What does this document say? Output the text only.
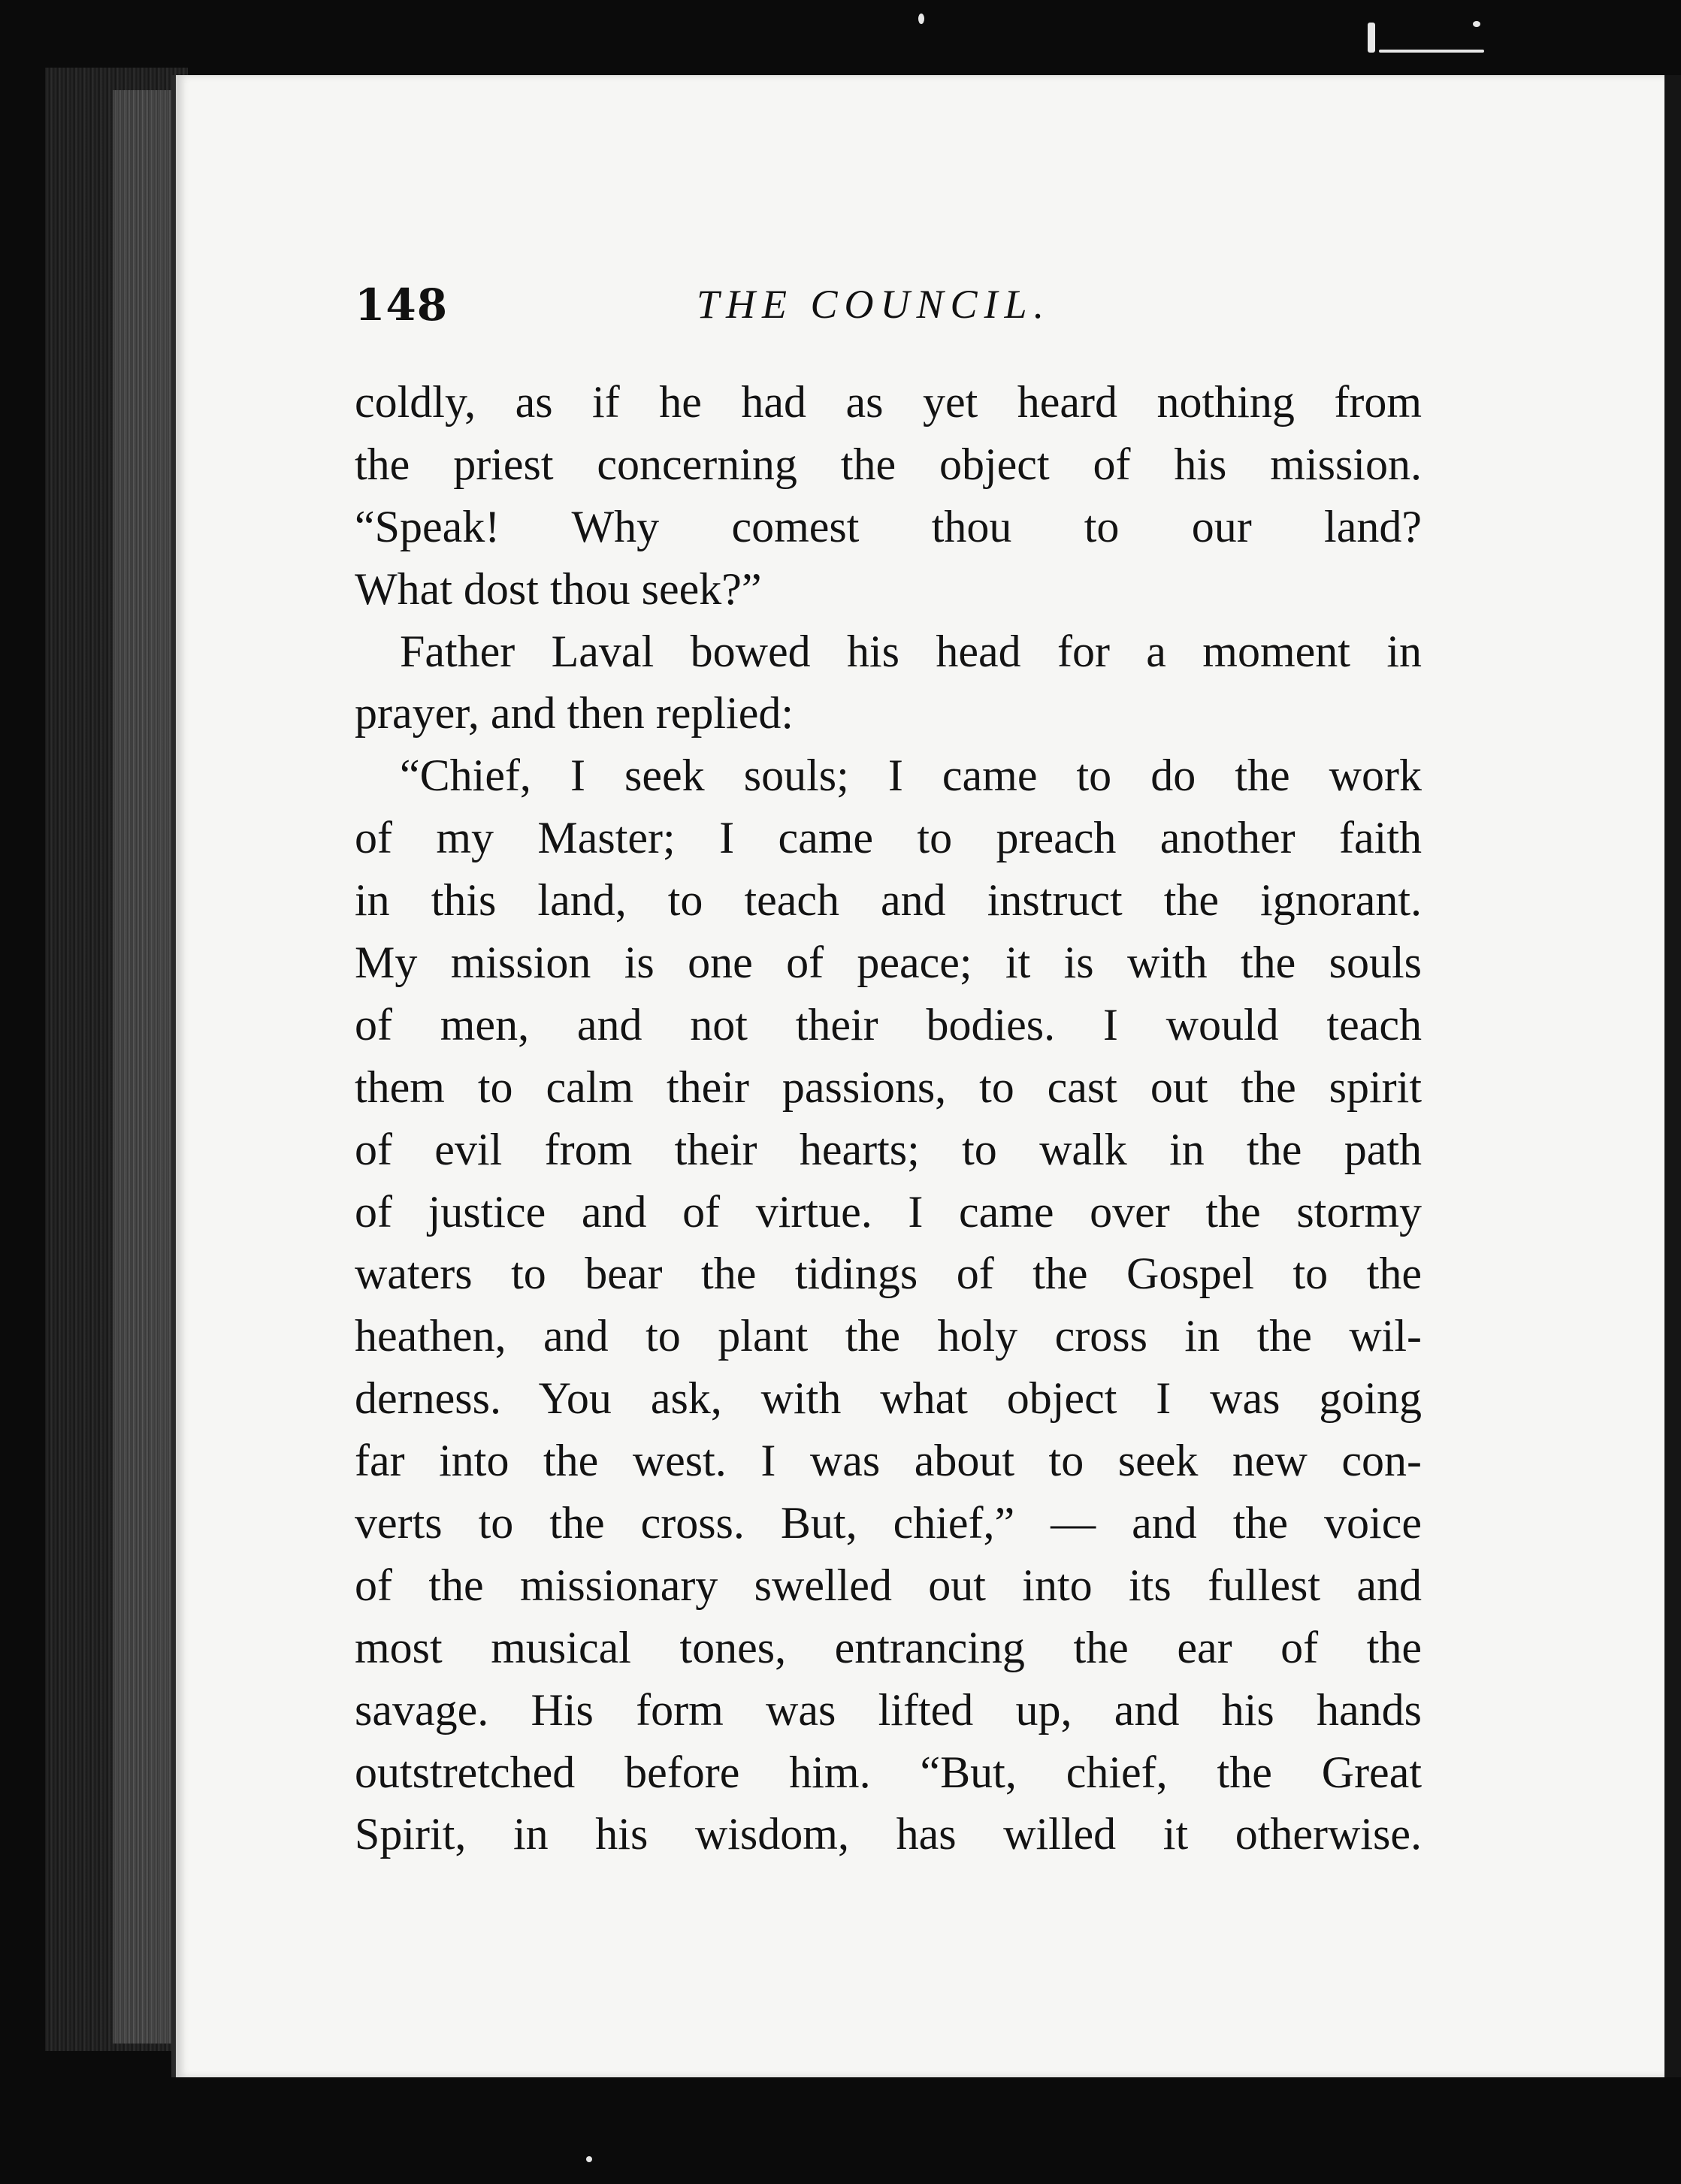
148	THE COUNCIL.
coldly, as if he had as yet heard nothing from
the priest concerning the object of his mission.
“Speak! Why comest thou to our land?
What dost thou seek?”
Father Laval bowed his head for a moment in
prayer, and then replied:
“Chief, I seek souls; I came to do the work
of my Master; I came to preach another faith
in this land, to teach and instruct the ignorant.
My mission is one of peace; it is with the souls
of men, and not their bodies. I would teach
them to calm their passions, to cast out the spirit
of evil from their hearts; to walk in the path
of justice and of virtue. I came over the stormy
waters to bear the tidings of the Gospel to the
heathen, and to plant the holy cross in the wil-
derness. You ask, with what object I was going
far into the west. I was about to seek new con-
verts to the cross. But, chief,” — and the voice
of the missionary swelled out into its fullest and
most musical tones, entrancing the ear of the
savage. His form was lifted up, and his hands
outstretched before him. “But, chief, the Great
Spirit, in his wisdom, has willed it otherwise.
